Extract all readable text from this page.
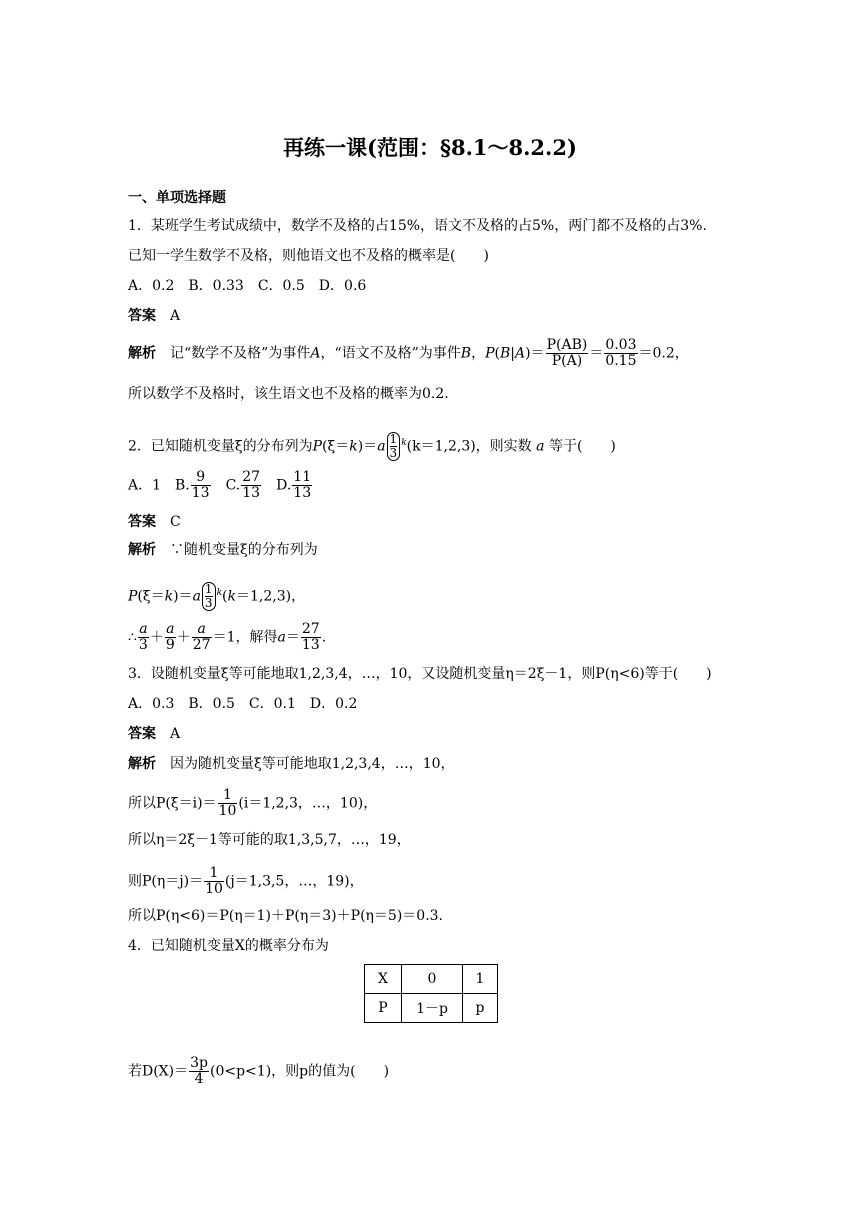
再练一课(范围：§8.1～8.2.2)
一、单项选择题
1．某班学生考试成绩中，数学不及格的占15%，语文不及格的占5%，两门都不及格的占3%.
已知一学生数学不及格，则他语文也不及格的概率是(　　)
A．0.2　B．0.33　C．0.5　D．0.6
答案 A
解析 记“数学不及格”为事件A，“语文不及格”为事件B，$P(B|A)= \frac{P(AB)}{P(A)} = \frac{0.03}{0.15} =0.2$，
所以数学不及格时，该生语文也不及格的概率为0.2.
2．已知随机变量ξ的分布列为$P(\xi=k)=a \frac{1}{3} ^k(k=1,2,3)$，则实数 a 等于(　　)
A．1　B. $\frac{9}{13}$
　 C. $\frac{27}{13}$
　 D. $\frac{11}{13}$
答案 C
解析 ∵随机变量ξ的分布列为
$P(\xi=k)=a \frac{1}{3} ^k(k=1,2,3)$，
∴ $\frac{a}{3} + \frac{a}{9} + \frac{a}{27} =1$，解得$a= \frac{27}{13}$ .
3．设随机变量ξ等可能地取1,2,3,4，…，10，又设随机变量η＝2ξ－1，则P(η<6)等于(　　)
A．0.3　B．0.5　C．0.1　D．0.2
答案 A
解析 因为随机变量ξ等可能地取1,2,3,4，…，10，
所以$P(\xi=i)= \frac{1}{10} (i=1,2,3$，…，10)，
所以η＝2ξ－1等可能的取1,3,5,7，…，19，
则$P(\eta=j)= \frac{1}{10} (j=1,3,5$，…，19)，
所以P(η<6)＝P(η＝1)＋P(η＝3)＋P(η＝5)＝0.3.
4．已知随机变量X的概率分布为
X	0	1
P	1－p	p
若$D(X)= \frac{3p}{4} (0<p<1)$，则p的值为(　　)
